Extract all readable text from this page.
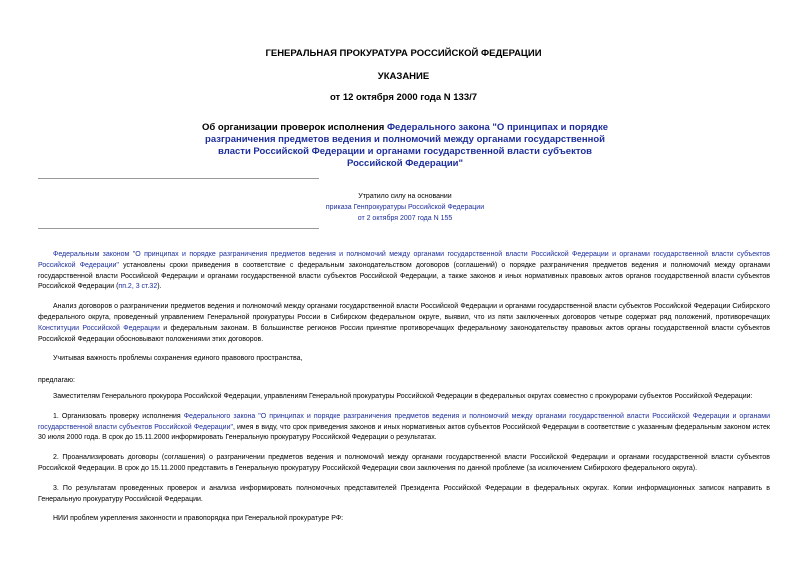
ГЕНЕРАЛЬНАЯ ПРОКУРАТУРА РОССИЙСКОЙ ФЕДЕРАЦИИ
УКАЗАНИЕ
от 12 октября 2000 года N 133/7
Об организации проверок исполнения Федерального закона "О принципах и порядке разграничения предметов ведения и полномочий между органами государственной власти Российской Федерации и органами государственной власти субъектов Российской Федерации"
Утратило силу на основании
приказа Генпрокуратуры Российской Федерации
от 2 октября 2007 года N 155

Федеральным законом "О принципах и порядке разграничения предметов ведения и полномочий между органами государственной власти Российской Федерации и органами государственной власти субъектов Российской Федерации" установлены сроки приведения в соответствие с федеральным законодательством договоров (соглашений) о порядке разграничения предметов ведения и полномочий между органами государственной власти Российской Федерации и органами государственной власти субъектов Российской Федерации, а также законов и иных нормативных правовых актов органов государственной власти субъектов Российской Федерации (пп.2, 3 ст.32).

Анализ договоров о разграничении предметов ведения и полномочий между органами государственной власти Российской Федерации и органами государственной власти субъектов Российской Федерации Сибирского федерального округа, проведенный управлением Генеральной прокуратуры России в Сибирском федеральном округе, выявил, что из пяти заключенных договоров четыре содержат ряд положений, противоречащих Конституции Российской Федерации и федеральным законам. В большинстве регионов России принятие противоречащих федеральному законодательству правовых актов органы государственной власти субъектов Российской Федерации обосновывают положениями этих договоров.

Учитывая важность проблемы сохранения единого правового пространства,

предлагаю:

Заместителям Генерального прокурора Российской Федерации, управлениям Генеральной прокуратуры Российской Федерации в федеральных округах совместно с прокурорами субъектов Российской Федерации:

1. Организовать проверку исполнения Федерального закона "О принципах и порядке разграничения предметов ведения и полномочий между органами государственной власти Российской Федерации и органами государственной власти субъектов Российской Федерации", имея в виду, что срок приведения законов и иных нормативных актов субъектов Российской Федерации в соответствие с указанным федеральным законом истек 30 июля 2000 года. В срок до 15.11.2000 информировать Генеральную прокуратуру Российской Федерации о результатах.

2. Проанализировать договоры (соглашения) о разграничении предметов ведения и полномочий между органами государственной власти Российской Федерации и органами государственной власти субъектов Российской Федерации. В срок до 15.11.2000 представить в Генеральную прокуратуру Российской Федерации свои заключения по данной проблеме (за исключением Сибирского федерального округа).

3. По результатам проведенных проверок и анализа информировать полномочных представителей Президента Российской Федерации в федеральных округах. Копии информационных записок направить в Генеральную прокуратуру Российской Федерации.

НИИ проблем укрепления законности и правопорядка при Генеральной прокуратуре РФ:
